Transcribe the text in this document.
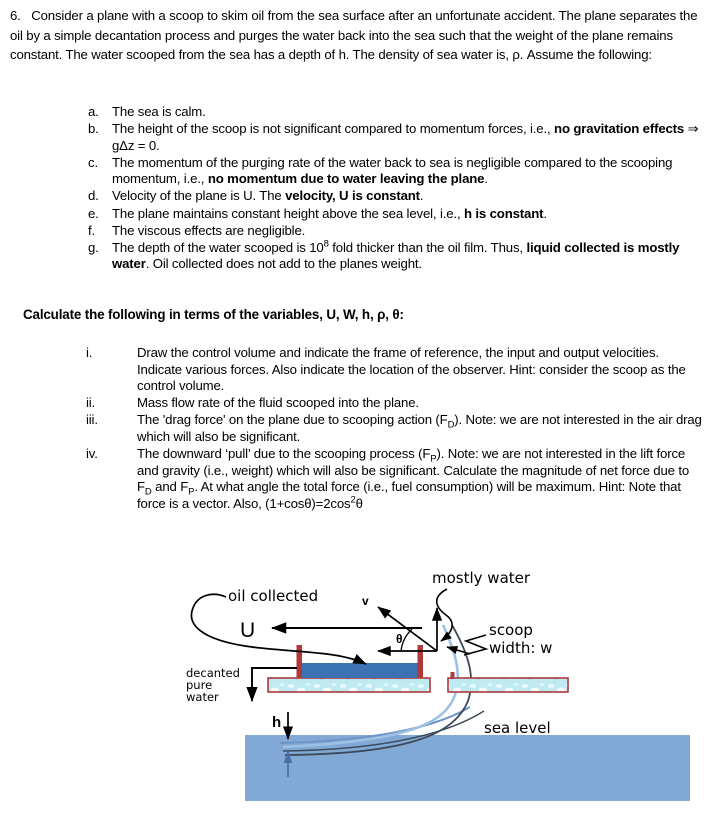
6. Consider a plane with a scoop to skim oil from the sea surface after an unfortunate accident. The plane separates the oil by a simple decantation process and purges the water back into the sea such that the weight of the plane remains constant. The water scooped from the sea has a depth of h. The density of sea water is, ρ. Assume the following:
a.	The sea is calm.
b.	The height of the scoop is not significant compared to momentum forces, i.e., no gravitation effects ⇒ gΔz = 0.
c.	The momentum of the purging rate of the water back to sea is negligible compared to the scooping momentum, i.e., no momentum due to water leaving the plane.
d.	Velocity of the plane is U. The velocity, U is constant.
e.	The plane maintains constant height above the sea level, i.e., h is constant.
f.	The viscous effects are negligible.
g.	The depth of the water scooped is $10^8$ fold thicker than the oil film. Thus, liquid collected is mostly water. Oil collected does not add to the planes weight.
Calculate the following in terms of the variables, U, W, h, ρ, θ:
i.	Draw the control volume and indicate the frame of reference, the input and output velocities. Indicate various forces. Also indicate the location of the observer. Hint: consider the scoop as the control volume.
ii.	Mass flow rate of the fluid scooped into the plane.
iii.	The 'drag force' on the plane due to scooping action $(F_D)$. Note: we are not interested in the air drag which will also be significant.
iv.	The downward ‘pull’ due to the scooping process $(F_P)$. Note: we are not interested in the lift force and gravity (i.e., weight) which will also be significant. Calculate the magnitude of net force due to $F_D$ and $F_P$. At what angle the total force (i.e., fuel consumption) will be maximum. Hint: Note that force is a vector. Also, $(1+\cos\theta)=2\cos^2\theta$
θ
v
U
oil collected
mostly water
scoop
width: w
decanted
pure
water
h	sea level
